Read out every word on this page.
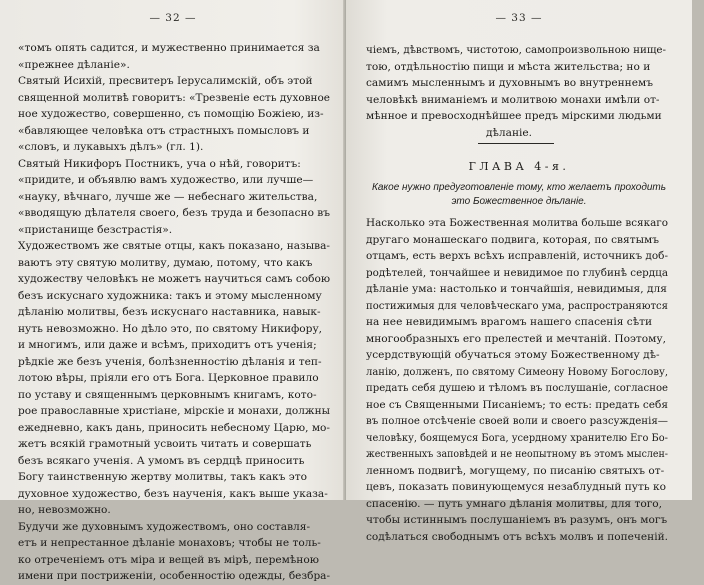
— 32 —
«томъ опять садится, и мужественно принимается за
«прежнее дѣланіе».
Святый Исихій, пресвитеръ Іерусалимскій, объ этой
священной молитвѣ говоритъ: «Трезвеніе есть духовное
ное художество, совершенно, съ помощію Божіею, из-
«бавляющее человѣка отъ страстныхъ помысловъ и
«словъ, и лукавыхъ дѣлъ» (гл. 1).
Святый Никифоръ Постникъ, уча о нѣй, говоритъ:
«придите, и объявлю вамъ художество, или лучше—
«науку, вѣчнаго, лучше же — небеснаго жительства,
«вводящую дѣлателя своего, безъ труда и безопасно въ
«пристанище безстрастія».
Художествомъ же святые отцы, какъ показано, называ-
ваютъ эту святую молитву, думаю, потому, что какъ
художеству человѣкъ не можетъ научиться самъ собою
безъ искуснаго художника: такъ и этому мысленному
дѣланію молитвы, безъ искуснаго наставника, навык-
нуть невозможно. Но дѣло это, по святому Никифору,
и многимъ, или даже и всѣмъ, приходитъ отъ ученія;
рѣдкіе же безъ ученія, болѣзненностію дѣланія и теп-
лотою вѣры, пріяли его отъ Бога. Церковное правило
по уставу и священнымъ церковнымъ книгамъ, кото-
рое православные христіане, мірскіе и монахи, должны
ежедневно, какъ дань, приносить небесному Царю, мо-
жетъ всякій грамотный усвоить читать и совершать
безъ всякаго ученія. А умомъ въ сердцѣ приносить
Богу таинственную жертву молитвы, такъ какъ это
духовное художество, безъ наученія, какъ выше указа-
но, невозможно.
Будучи же духовнымъ художествомъ, оно составля-
етъ и непрестанное дѣланіе монаховъ; чтобы не толь-
ко отреченіемъ отъ міра и вещей въ мірѣ, перемѣною
имени при постриженіи, особенностію одежды, безбра-
— 33 —
чіемъ, дѣвствомъ, чистотою, самопроизвольною нище-
тою, отдѣльностію пищи и мѣста жительства; но и
самимъ мысленнымъ и духовнымъ во внутреннемъ
человѣкѣ вниманіемъ и молитвою монахи имѣли от-
мѣнное и превосходнѣйшее предъ мірскими людьми
дѣланіе.
ГЛАВА 4-я.
Какое нужно предуготовленіе тому, кто желаетъ проходить
это Божественное дѣланіе.
Насколько эта Божественная молитва больше всякаго
другаго монашескаго подвига, которая, по святымъ
отцамъ, есть верхъ всѣхъ исправленій, источникъ доб-
родѣтелей, тончайшее и невидимое по глубинѣ сердца
дѣланіе ума: настолько и тончайшія, невидимыя, для
постижимыя для человѣческаго ума, распространяются
на нее невидимымъ врагомъ нашего спасенія сѣти
многообразныхъ его прелестей и мечтаній. Поэтому,
усердствующій обучаться этому Божественному дѣ-
ланію, долженъ, по святому Симеону Новому Богослову,
предать себя душею и тѣломъ въ послушаніе, согласное
ное съ Священными Писаніемъ; то есть: предать себя
въ полное отсѣченіе своей воли и своего разсужденія—
человѣку, боящемуся Бога, усердному хранителю Его Бо-
жественныхъ заповѣдей и не неопытному въ этомъ мыслен-
ленномъ подвигѣ, могущему, по писанію святыхъ от-
цевъ, показать повинующемуся незаблудный путь ко
спасенію. — путь умнаго дѣланія молитвы, для того,
чтобы истиннымъ послушаніемъ въ разумъ, онъ могъ
содѣлаться свободнымъ отъ всѣхъ молвъ и попеченій.
